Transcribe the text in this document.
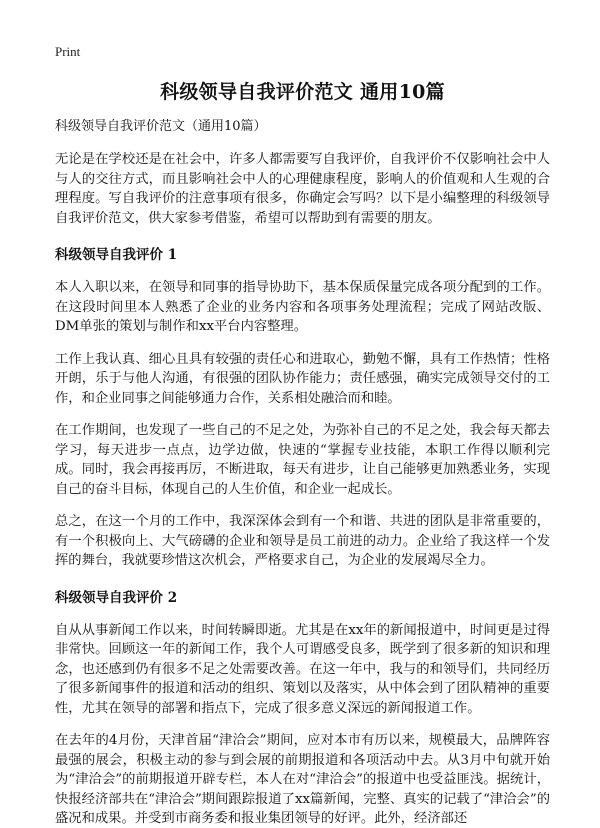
Print
科级领导自我评价范文 通用10篇
科级领导自我评价范文（通用10篇）

无论是在学校还是在社会中，许多人都需要写自我评价，自我评价不仅影响社会中人与人的交往方式，而且影响社会中人的心理健康程度，影响人的价值观和人生观的合理程度。写自我评价的注意事项有很多，你确定会写吗？以下是小编整理的科级领导自我评价范文，供大家参考借鉴，希望可以帮助到有需要的朋友。

科级领导自我评价 1

本人入职以来，在领导和同事的指导协助下，基本保质保量完成各项分配到的工作。在这段时间里本人熟悉了企业的业务内容和各项事务处理流程；完成了网站改版、DM单张的策划与制作和xx平台内容整理。

工作上我认真、细心且具有较强的责任心和进取心，勤勉不懈，具有工作热情；性格开朗，乐于与他人沟通，有很强的团队协作能力；责任感强，确实完成领导交付的工作，和企业同事之间能够通力合作，关系相处融洽而和睦。

在工作期间，也发现了一些自己的不足之处，为弥补自己的不足之处，我会每天都去学习，每天进步一点点，边学边做，快速的“掌握专业技能，本职工作得以顺利完成。同时，我会再接再厉，不断进取，每天有进步，让自己能够更加熟悉业务，实现自己的奋斗目标，体现自己的人生价值，和企业一起成长。

总之，在这一个月的工作中，我深深体会到有一个和谐、共进的团队是非常重要的，有一个积极向上、大气磅礴的企业和领导是员工前进的动力。企业给了我这样一个发挥的舞台，我就要珍惜这次机会，严格要求自己，为企业的发展竭尽全力。

科级领导自我评价 2

自从从事新闻工作以来，时间转瞬即逝。尤其是在xx年的新闻报道中，时间更是过得非常快。回顾这一年的新闻工作，我个人可谓感受良多，既学到了很多新的知识和理念，也还感到仍有很多不足之处需要改善。在这一年中，我与的和领导们，共同经历了很多新闻事件的报道和活动的组织、策划以及落实，从中体会到了团队精神的重要性，尤其在领导的部署和指点下，完成了很多意义深远的新闻报道工作。

在去年的4月份，天津首届“津洽会”期间，应对本市有历以来，规模最大，品牌阵容最强的展会，积极主动的参与到会展的前期报道和各项活动中去。从3月中旬就开始为“津洽会”的前期报道开辟专栏，本人在对“津洽会”的报道中也受益匪浅。据统计，快报经济部共在“津洽会”期间跟踪报道了xx篇新闻，完整、真实的记载了“津洽会”的盛况和成果。并受到市商务委和报业集团领导的好评。此外，经济部还
